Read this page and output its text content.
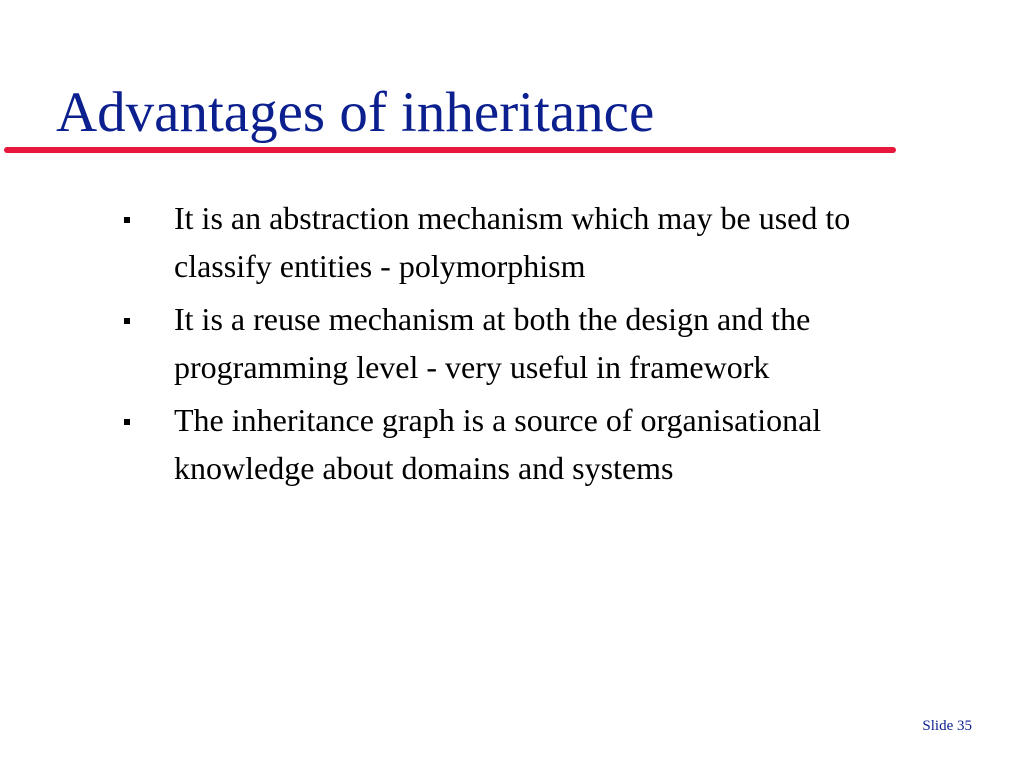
Advantages of inheritance
It is an abstraction mechanism which may be used to classify entities - polymorphism
It is a reuse mechanism at both the design and the programming level - very useful in framework
The inheritance graph is a source of organisational knowledge about domains and systems
Slide 35
